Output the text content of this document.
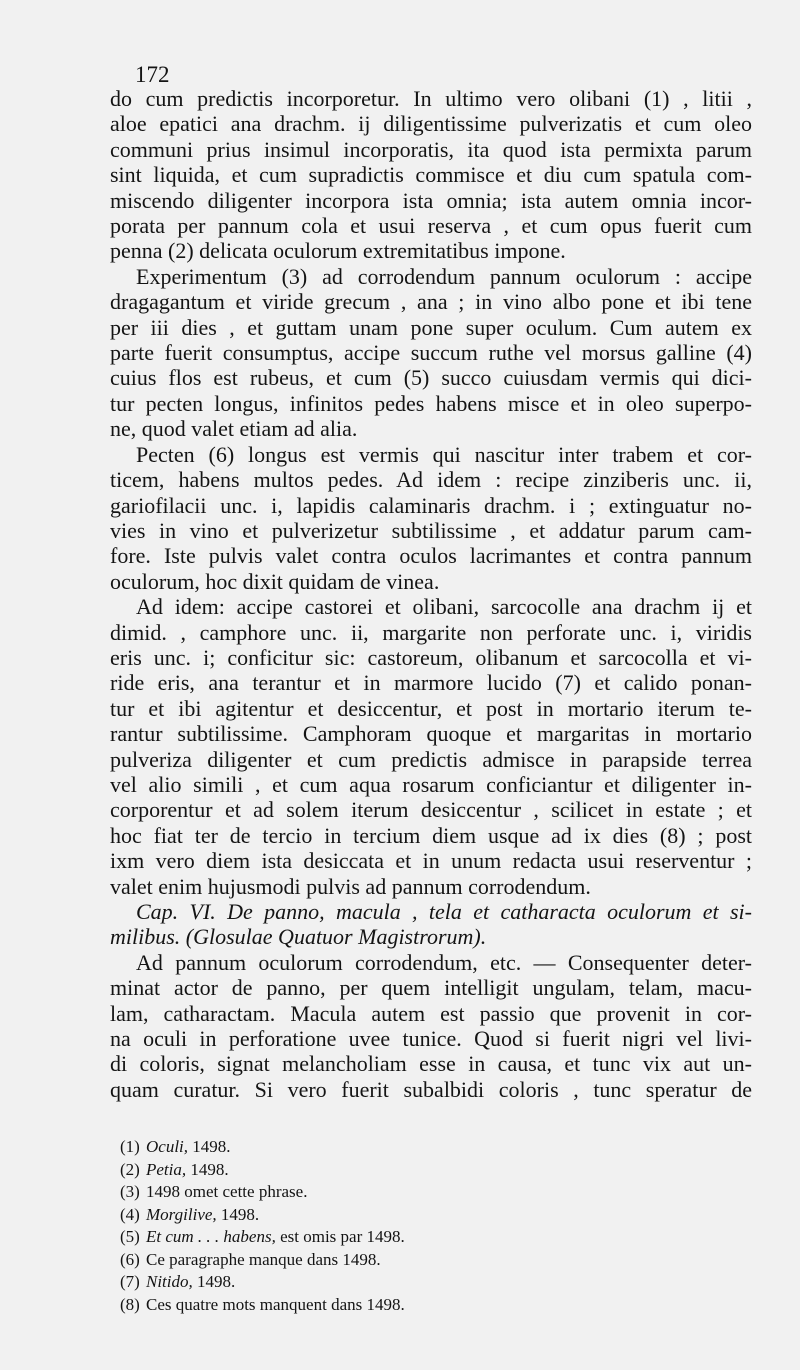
172
do cum predictis incorporetur. In ultimo vero olibani (1) , litii ,
aloe epatici ana drachm. ij diligentissime pulverizatis et cum oleo
communi prius insimul incorporatis, ita quod ista permixta parum
sint liquida, et cum supradictis commisce et diu cum spatula com-
miscendo diligenter incorpora ista omnia; ista autem omnia incor-
porata per pannum cola et usui reserva , et cum opus fuerit cum
penna (2) delicata oculorum extremitatibus impone.
Experimentum (3) ad corrodendum pannum oculorum : accipe
dragagantum et viride grecum , ana ; in vino albo pone et ibi tene
per iii dies , et guttam unam pone super oculum. Cum autem ex
parte fuerit consumptus, accipe succum ruthe vel morsus galline (4)
cuius flos est rubeus, et cum (5) succo cuiusdam vermis qui dici-
tur pecten longus, infinitos pedes habens misce et in oleo superpo-
ne, quod valet etiam ad alia.
Pecten (6) longus est vermis qui nascitur inter trabem et cor-
ticem, habens multos pedes. Ad idem : recipe zinziberis unc. ii,
gariofilacii unc. i, lapidis calaminaris drachm. i ; extinguatur no-
vies in vino et pulverizetur subtilissime , et addatur parum cam-
fore. Iste pulvis valet contra oculos lacrimantes et contra pannum
oculorum, hoc dixit quidam de vinea.
Ad idem: accipe castorei et olibani, sarcocolle ana drachm ij et
dimid. , camphore unc. ii, margarite non perforate unc. i, viridis
eris unc. i; conficitur sic: castoreum, olibanum et sarcocolla et vi-
ride eris, ana terantur et in marmore lucido (7) et calido ponan-
tur et ibi agitentur et desiccentur, et post in mortario iterum te-
rantur subtilissime. Camphoram quoque et margaritas in mortario
pulveriza diligenter et cum predictis admisce in parapside terrea
vel alio simili , et cum aqua rosarum conficiantur et diligenter in-
corporentur et ad solem iterum desiccentur , scilicet in estate ; et
hoc fiat ter de tercio in tercium diem usque ad ix dies (8) ; post
ixm vero diem ista desiccata et in unum redacta usui reserventur ;
valet enim hujusmodi pulvis ad pannum corrodendum.
Cap. VI. De panno, macula , tela et catharacta oculorum et si-
milibus. (Glosulae Quatuor Magistrorum).
Ad pannum oculorum corrodendum, etc. — Consequenter deter-
minat actor de panno, per quem intelligit ungulam, telam, macu-
lam, catharactam. Macula autem est passio que provenit in cor-
na oculi in perforatione uvee tunice. Quod si fuerit nigri vel livi-
di coloris, signat melancholiam esse in causa, et tunc vix aut un-
quam curatur. Si vero fuerit subalbidi coloris , tunc speratur de
(1) Oculi, 1498.
(2) Petia, 1498.
(3) 1498 omet cette phrase.
(4) Morgilive, 1498.
(5) Et cum . . . habens, est omis par 1498.
(6) Ce paragraphe manque dans 1498.
(7) Nitido, 1498.
(8) Ces quatre mots manquent dans 1498.
